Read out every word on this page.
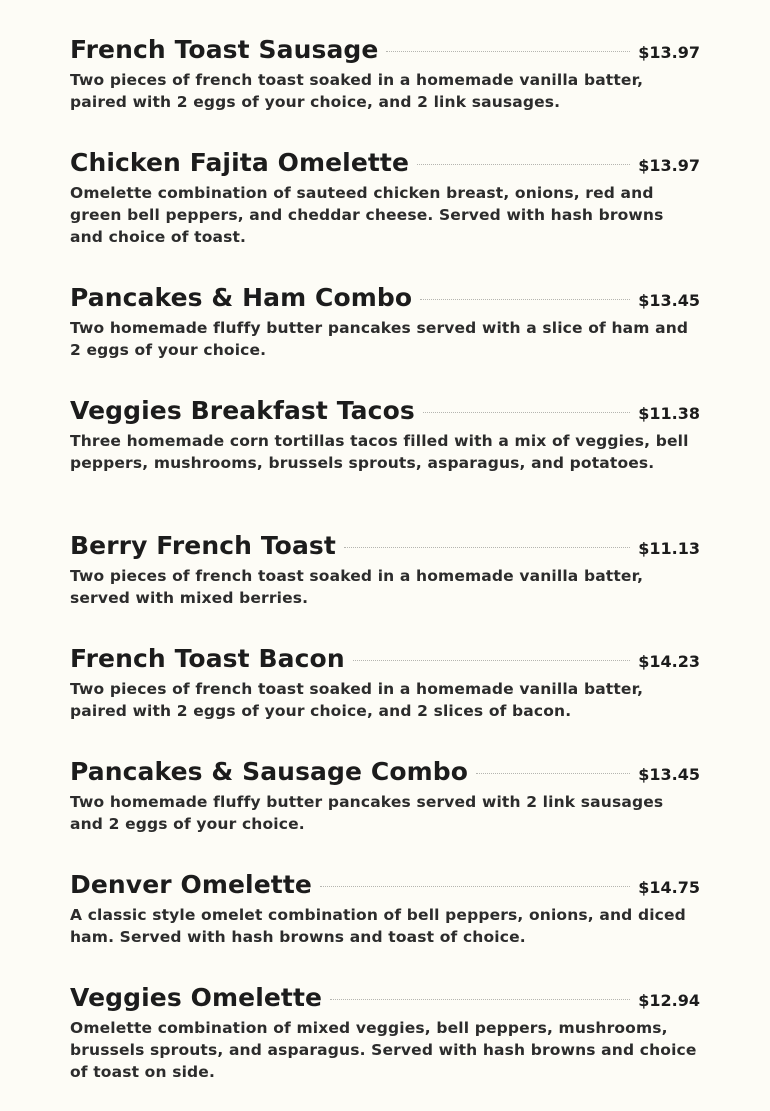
French Toast Sausage	$13.97
Two pieces of french toast soaked in a homemade vanilla batter, paired with 2 eggs of your choice, and 2 link sausages.
Chicken Fajita Omelette	$13.97
Omelette combination of sauteed chicken breast, onions, red and green bell peppers, and cheddar cheese. Served with hash browns and choice of toast.
Pancakes & Ham Combo	$13.45
Two homemade fluffy butter pancakes served with a slice of ham and 2 eggs of your choice.
Veggies Breakfast Tacos	$11.38
Three homemade corn tortillas tacos filled with a mix of veggies, bell peppers, mushrooms, brussels sprouts, asparagus, and potatoes.
Berry French Toast	$11.13
Two pieces of french toast soaked in a homemade vanilla batter, served with mixed berries.
French Toast Bacon	$14.23
Two pieces of french toast soaked in a homemade vanilla batter, paired with 2 eggs of your choice, and 2 slices of bacon.
Pancakes & Sausage Combo	$13.45
Two homemade fluffy butter pancakes served with 2 link sausages and 2 eggs of your choice.
Denver Omelette	$14.75
A classic style omelet combination of bell peppers, onions, and diced ham. Served with hash browns and toast of choice.
Veggies Omelette	$12.94
Omelette combination of mixed veggies, bell peppers, mushrooms, brussels sprouts, and asparagus. Served with hash browns and choice of toast on side.
